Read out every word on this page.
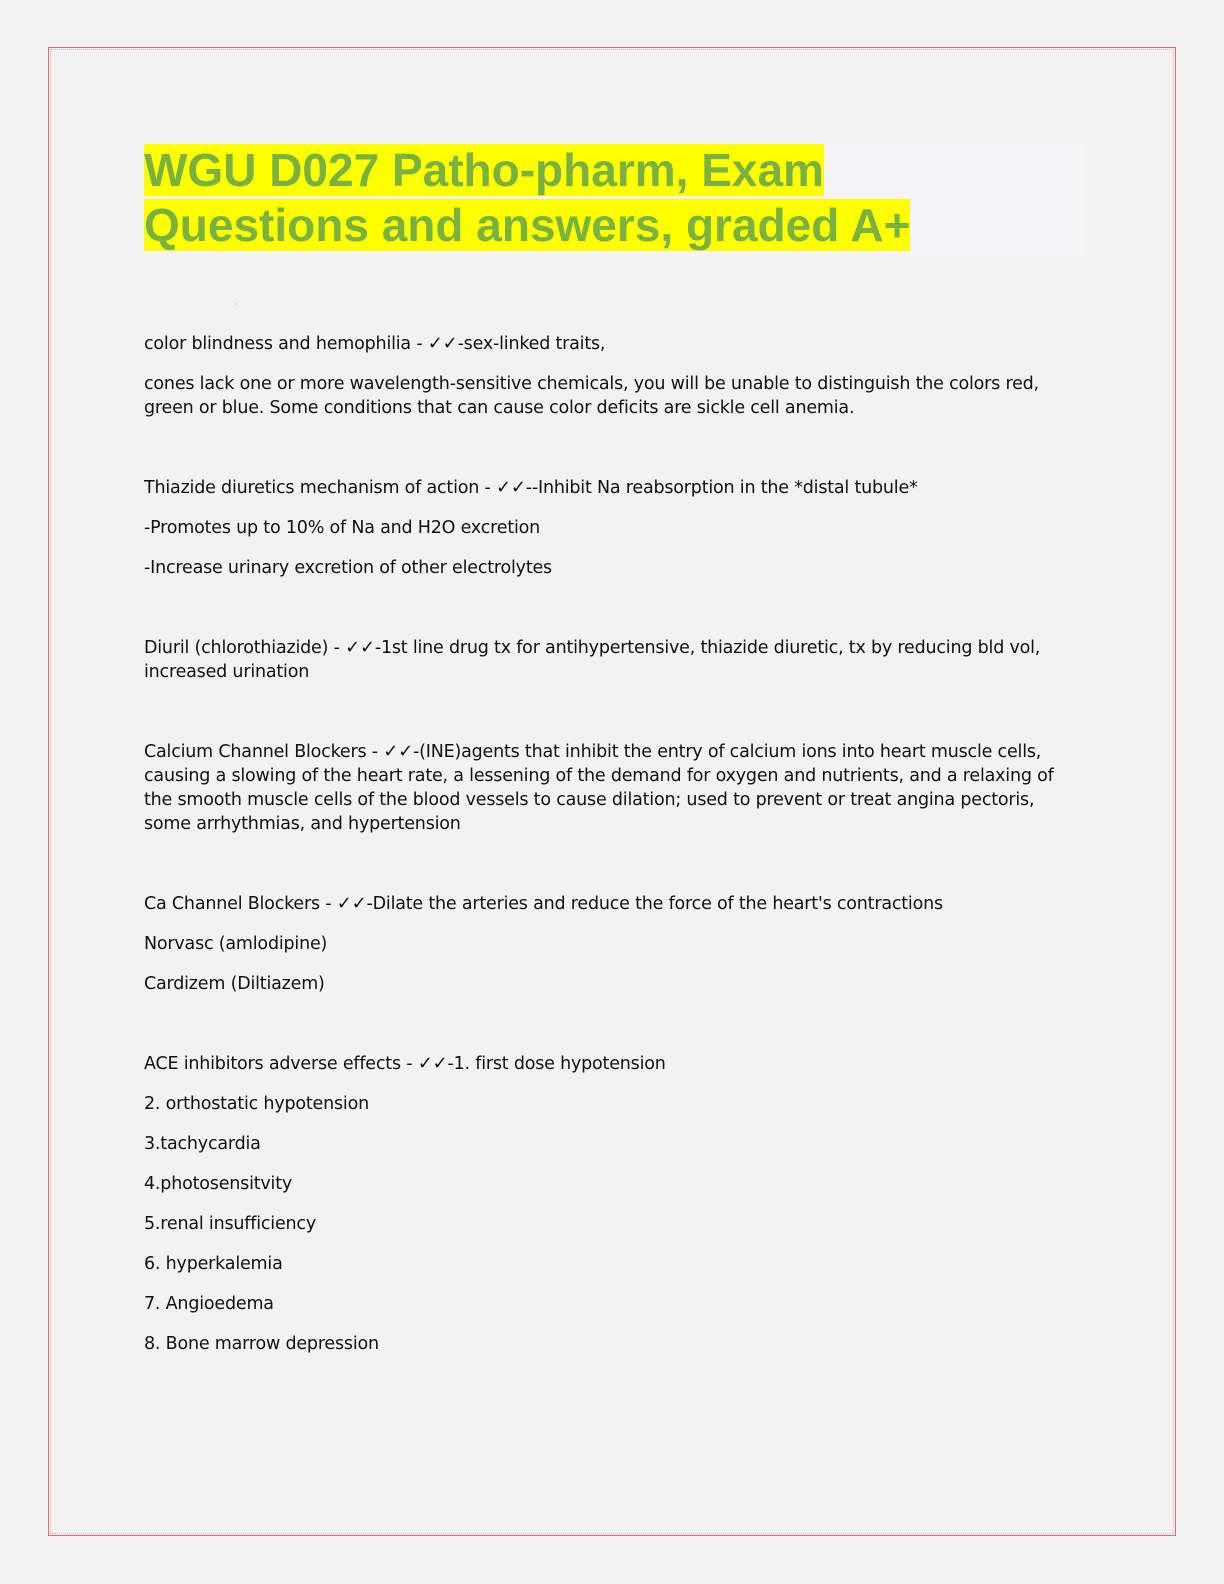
WGU D027 Patho-pharm, Exam
Questions and answers, graded A+

color blindness and hemophilia - ✓✓-sex-linked traits,

cones lack one or more wavelength-sensitive chemicals, you will be unable to distinguish the colors red, green or blue. Some conditions that can cause color deficits are sickle cell anemia.

Thiazide diuretics mechanism of action - ✓✓--Inhibit Na reabsorption in the *distal tubule*

-Promotes up to 10% of Na and H2O excretion

-Increase urinary excretion of other electrolytes

Diuril (chlorothiazide) - ✓✓-1st line drug tx for antihypertensive, thiazide diuretic, tx by reducing bld vol, increased urination

Calcium Channel Blockers - ✓✓-(INE)agents that inhibit the entry of calcium ions into heart muscle cells, causing a slowing of the heart rate, a lessening of the demand for oxygen and nutrients, and a relaxing of the smooth muscle cells of the blood vessels to cause dilation; used to prevent or treat angina pectoris, some arrhythmias, and hypertension

Ca Channel Blockers - ✓✓-Dilate the arteries and reduce the force of the heart's contractions

Norvasc (amlodipine)

Cardizem (Diltiazem)

ACE inhibitors adverse effects - ✓✓-1. first dose hypotension

2. orthostatic hypotension

3.tachycardia

4.photosensitvity

5.renal insufficiency

6. hyperkalemia

7. Angioedema

8. Bone marrow depression
